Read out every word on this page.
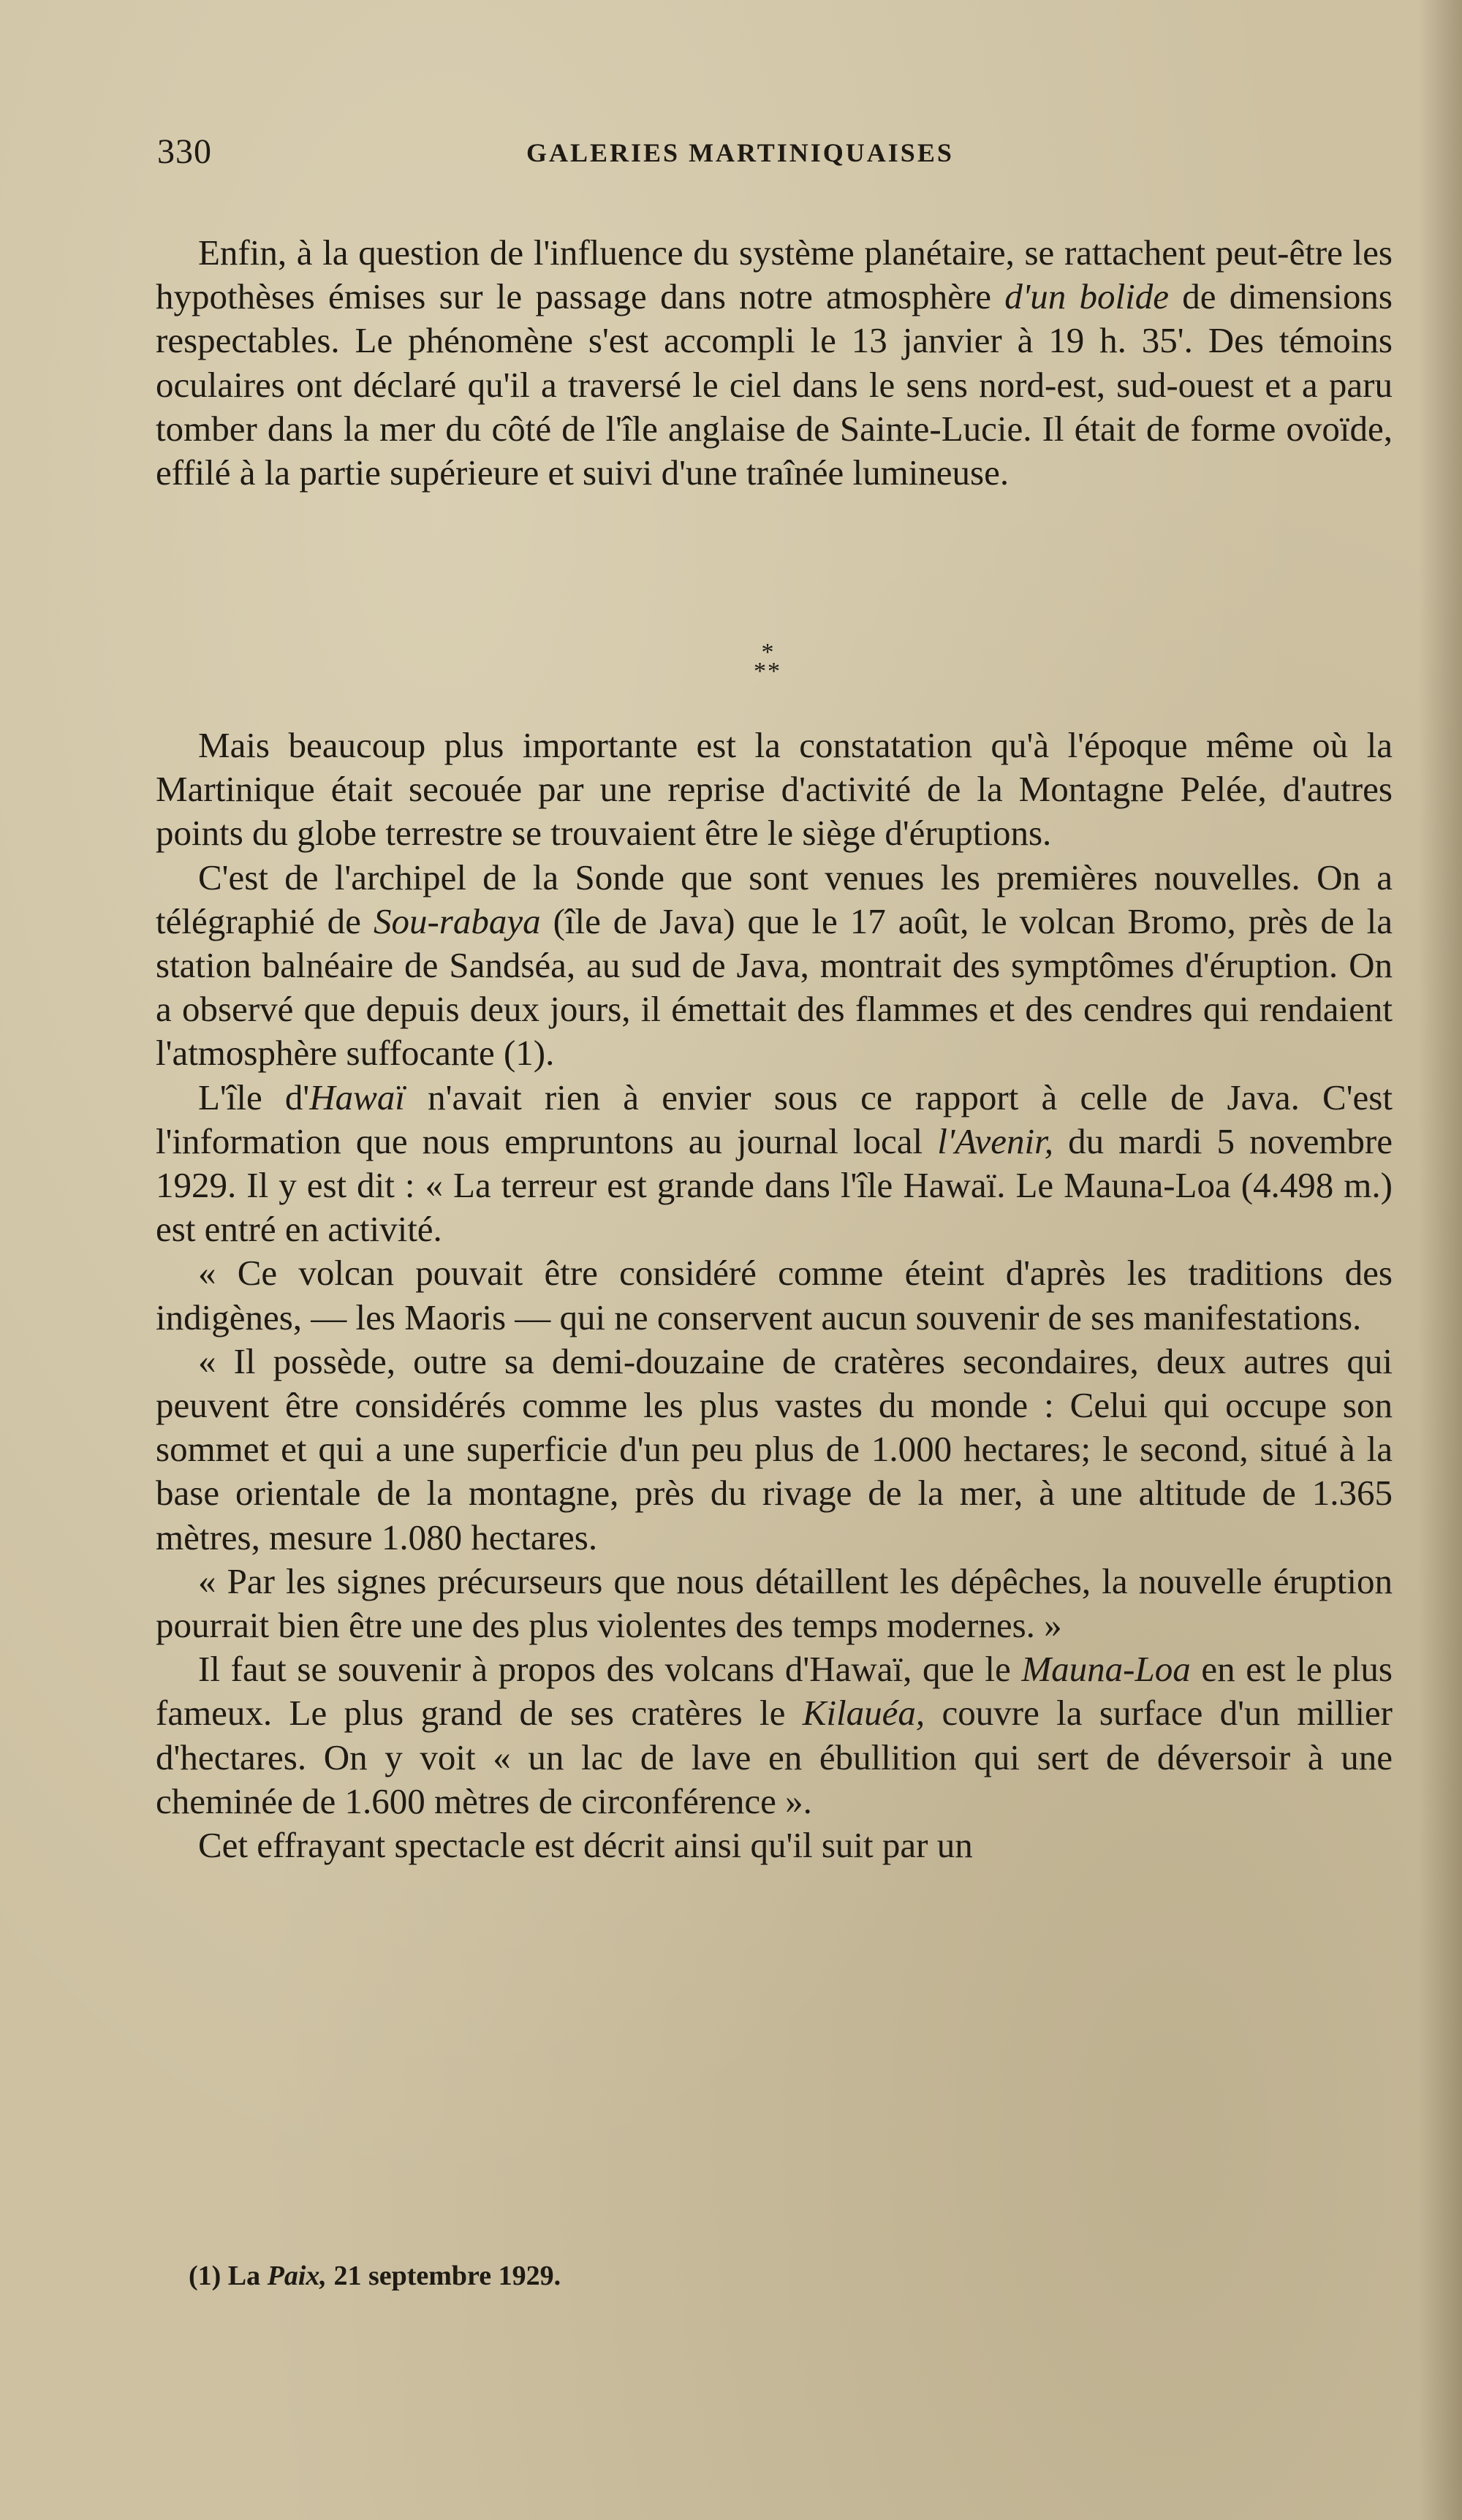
330	GALERIES MARTINIQUAISES

Enfin, à la question de l'influence du système planétaire, se rattachent peut-être les hypothèses émises sur le passage dans notre atmosphère d'un bolide de dimensions respectables. Le phénomène s'est accompli le 13 janvier à 19 h. 35'. Des témoins oculaires ont déclaré qu'il a traversé le ciel dans le sens nord-est, sud-ouest et a paru tomber dans la mer du côté de l'île anglaise de Sainte-Lucie. Il était de forme ovoïde, effilé à la partie supérieure et suivi d'une traînée lumineuse.

*
**

Mais beaucoup plus importante est la constatation qu'à l'époque même où la Martinique était secouée par une reprise d'activité de la Montagne Pelée, d'autres points du globe terrestre se trouvaient être le siège d'éruptions.

C'est de l'archipel de la Sonde que sont venues les premières nouvelles. On a télégraphié de Sou-rabaya (île de Java) que le 17 août, le volcan Bromo, près de la station balnéaire de Sandséa, au sud de Java, montrait des symptômes d'éruption. On a observé que depuis deux jours, il émettait des flammes et des cendres qui rendaient l'atmosphère suffocante (1).

L'île d'Hawaï n'avait rien à envier sous ce rapport à celle de Java. C'est l'information que nous empruntons au journal local l'Avenir, du mardi 5 novembre 1929. Il y est dit : « La terreur est grande dans l'île Hawaï. Le Mauna-Loa (4.498 m.) est entré en activité.

« Ce volcan pouvait être considéré comme éteint d'après les traditions des indigènes, — les Maoris — qui ne conservent aucun souvenir de ses manifestations.

« Il possède, outre sa demi-douzaine de cratères secondaires, deux autres qui peuvent être considérés comme les plus vastes du monde : Celui qui occupe son sommet et qui a une superficie d'un peu plus de 1.000 hectares; le second, situé à la base orientale de la montagne, près du rivage de la mer, à une altitude de 1.365 mètres, mesure 1.080 hectares.

« Par les signes précurseurs que nous détaillent les dépêches, la nouvelle éruption pourrait bien être une des plus violentes des temps modernes. »

Il faut se souvenir à propos des volcans d'Hawaï, que le Mauna-Loa en est le plus fameux. Le plus grand de ses cratères le Kilauéa, couvre la surface d'un millier d'hectares. On y voit « un lac de lave en ébullition qui sert de déversoir à une cheminée de 1.600 mètres de circonférence ».

Cet effrayant spectacle est décrit ainsi qu'il suit par un

(1) La Paix, 21 septembre 1929.
